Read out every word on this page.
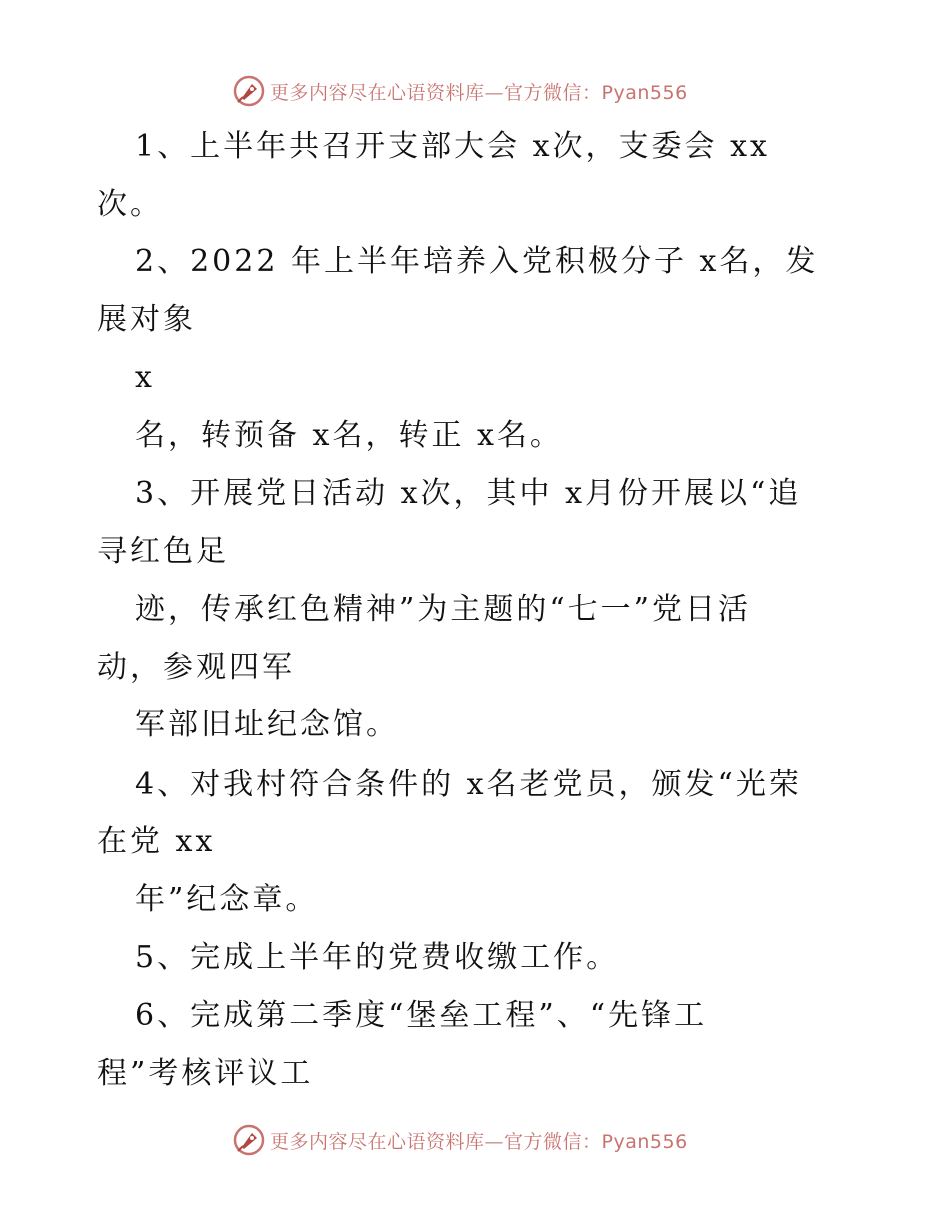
更多内容尽在心语资料库—官方微信：Pyan556
1、上半年共召开支部大会 x次，支委会 xx
次。
2、2022 年上半年培养入党积极分子 x名，发
展对象
x
名，转预备 x名，转正 x名。
3、开展党日活动 x次，其中 x月份开展以“追
寻红色足
迹，传承红色精神”为主题的“七一”党日活
动，参观四军
军部旧址纪念馆。
4、对我村符合条件的 x名老党员，颁发“光荣
在党 xx
年”纪念章。
5、完成上半年的党费收缴工作。
6、完成第二季度“堡垒工程”、“先锋工
程”考核评议工
更多内容尽在心语资料库—官方微信：Pyan556
